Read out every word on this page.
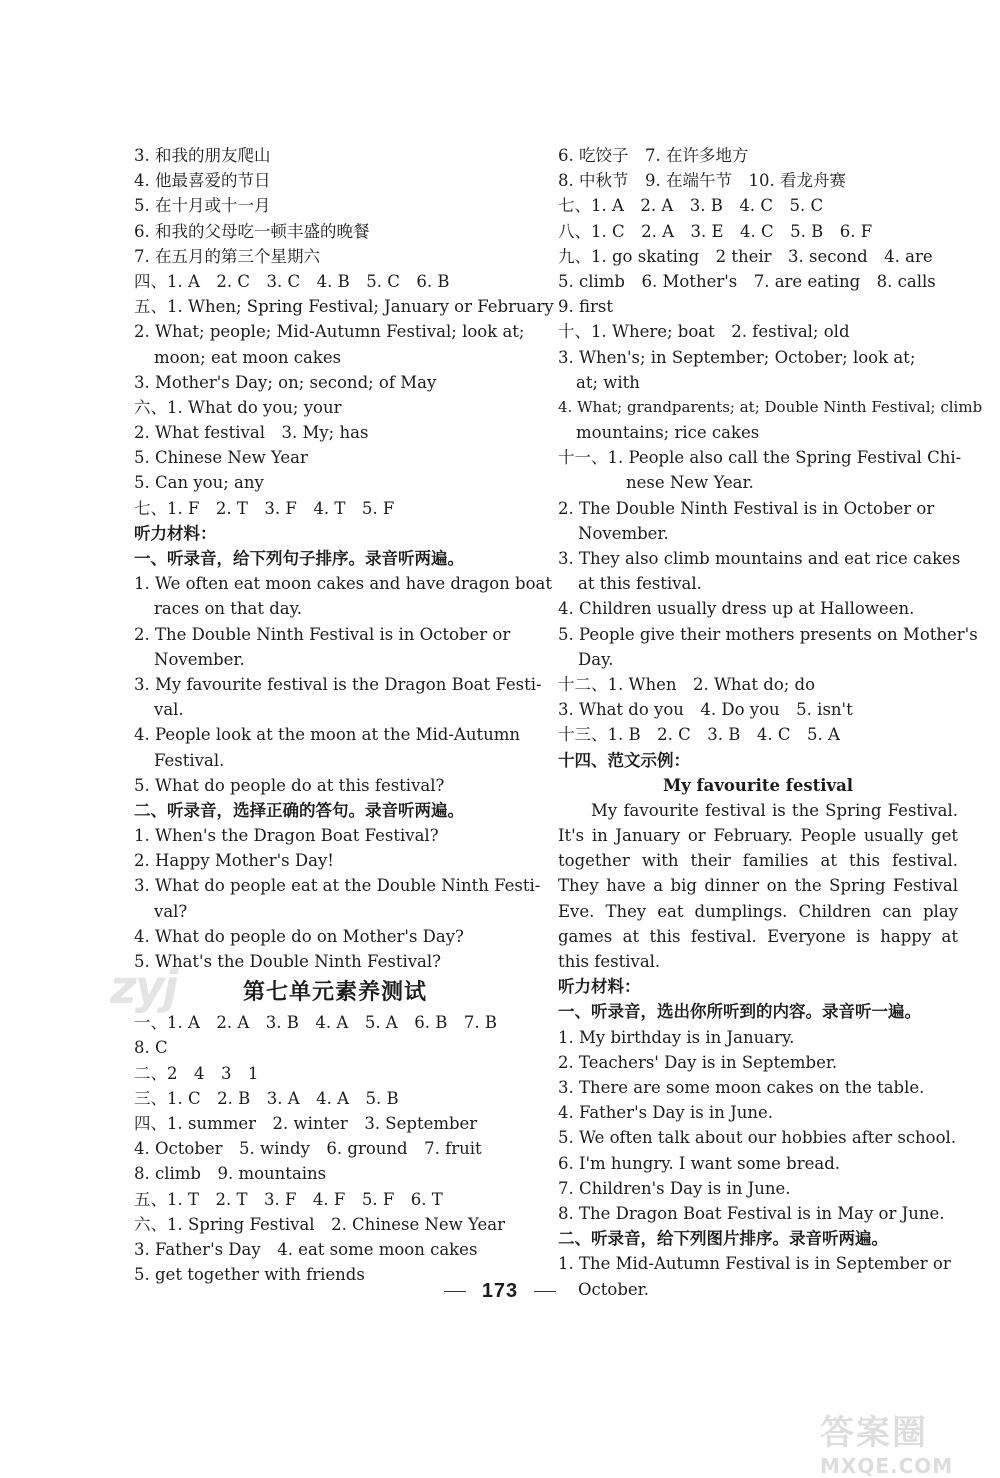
3. 和我的朋友爬山
4. 他最喜爱的节日
5. 在十月或十一月
6. 和我的父母吃一顿丰盛的晚餐
7. 在五月的第三个星期六
四、1. A　2. C　3. C　4. B　5. C　6. B
五、1. When; Spring Festival; January or February
2. What; people; Mid-Autumn Festival; look at;
moon; eat moon cakes
3. Mother's Day; on; second; of May
六、1. What do you; your
2. What festival　3. My; has
5. Chinese New Year
5. Can you; any
七、1. F　2. T　3. F　4. T　5. F
听力材料：
一、听录音，给下列句子排序。录音听两遍。
1. We often eat moon cakes and have dragon boat
races on that day.
2. The Double Ninth Festival is in October or
November.
3. My favourite festival is the Dragon Boat Festi-
val.
4. People look at the moon at the Mid-Autumn
Festival.
5. What do people do at this festival?
二、听录音，选择正确的答句。录音听两遍。
1. When's the Dragon Boat Festival?
2. Happy Mother's Day!
3. What do people eat at the Double Ninth Festi-
val?
4. What do people do on Mother's Day?
5. What's the Double Ninth Festival?
第七单元素养测试
一、1. A　2. A　3. B　4. A　5. A　6. B　7. B
8. C
二、2　4　3　1
三、1. C　2. B　3. A　4. A　5. B
四、1. summer　2. winter　3. September
4. October　5. windy　6. ground　7. fruit
8. climb　9. mountains
五、1. T　2. T　3. F　4. F　5. F　6. T
六、1. Spring Festival　2. Chinese New Year
3. Father's Day　4. eat some moon cakes
5. get together with friends
6. 吃饺子　7. 在许多地方
8. 中秋节　9. 在端午节　10. 看龙舟赛
七、1. A　2. A　3. B　4. C　5. C
八、1. C　2. A　3. E　4. C　5. B　6. F
九、1. go skating　2 their　3. second　4. are
5. climb　6. Mother's　7. are eating　8. calls
9. first
十、1. Where; boat　2. festival; old
3. When's; in September; October; look at;
at; with
4. What; grandparents; at; Double Ninth Festival; climb
mountains; rice cakes
十一、1. People also call the Spring Festival Chi-
nese New Year.
2. The Double Ninth Festival is in October or
November.
3. They also climb mountains and eat rice cakes
at this festival.
4. Children usually dress up at Halloween.
5. People give their mothers presents on Mother's
Day.
十二、1. When　2. What do; do
3. What do you　4. Do you　5. isn't
十三、1. B　2. C　3. B　4. C　5. A
十四、范文示例：
My favourite festival
My favourite festival is the Spring Festival. It's in January or February. People usually get together with their families at this festival. They have a big dinner on the Spring Festival Eve. They eat dumplings. Children can play games at this festival. Everyone is happy at this festival.
听力材料：
一、听录音，选出你所听到的内容。录音听一遍。
1. My birthday is in January.
2. Teachers' Day is in September.
3. There are some moon cakes on the table.
4. Father's Day is in June.
5. We often talk about our hobbies after school.
6. I'm hungry. I want some bread.
7. Children's Day is in June.
8. The Dragon Boat Festival is in May or June.
二、听录音，给下列图片排序。录音听两遍。
1. The Mid-Autumn Festival is in September or
October.
173
zyj
答案圈
MXQE.COM
